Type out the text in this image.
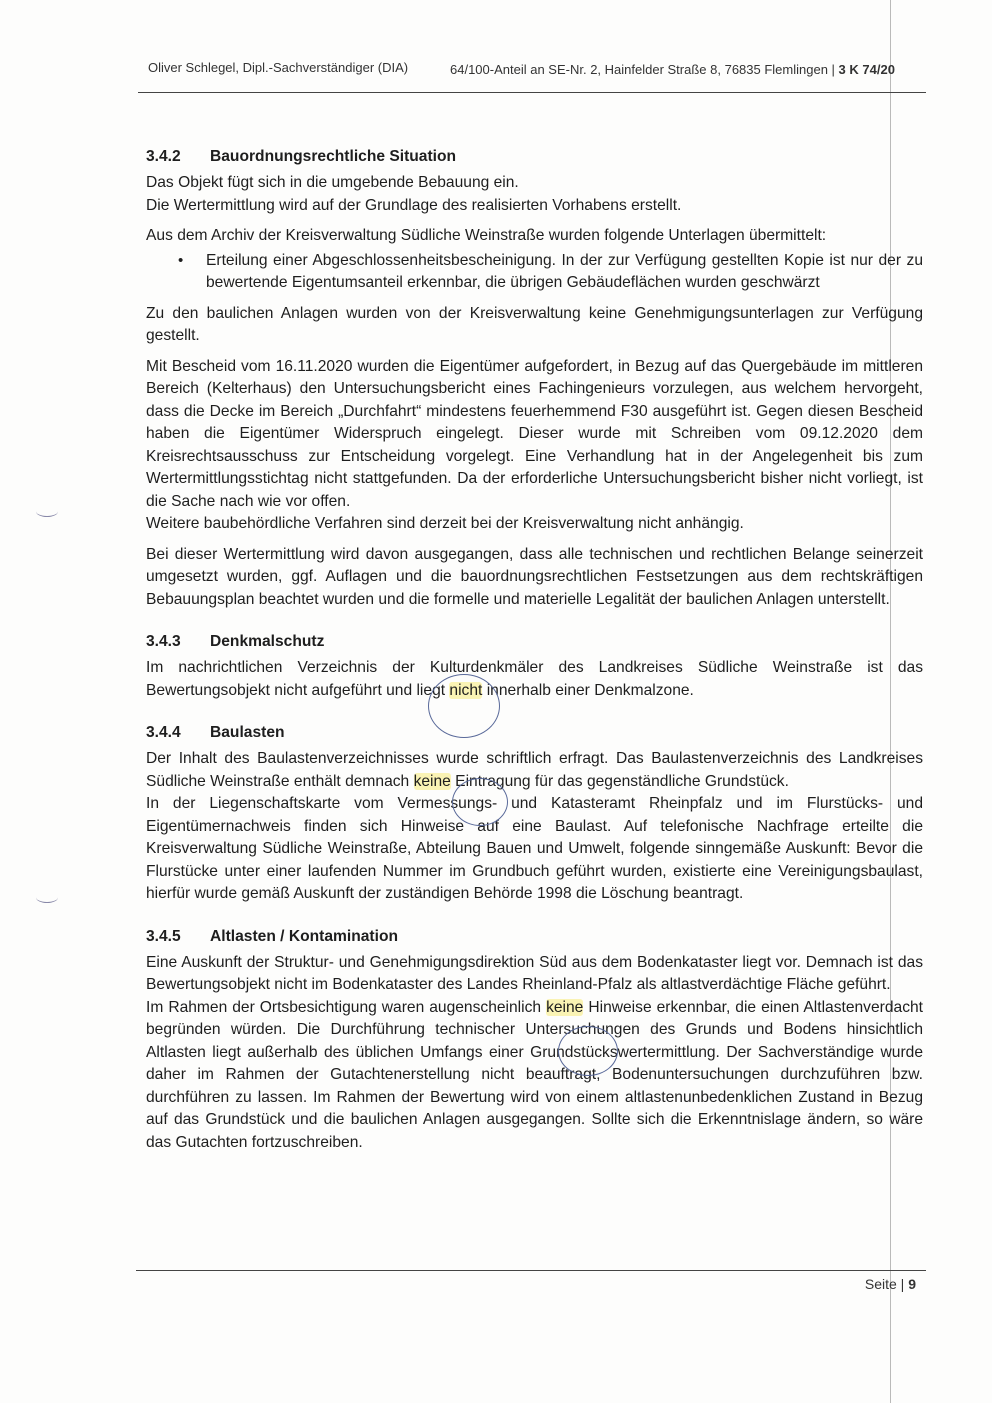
Oliver Schlegel, Dipl.-Sachverständiger (DIA)	64/100-Anteil an SE-Nr. 2, Hainfelder Straße 8, 76835 Flemlingen | 3 K 74/20
3.4.2 Bauordnungsrechtliche Situation

Das Objekt fügt sich in die umgebende Bebauung ein.

Die Wertermittlung wird auf der Grundlage des realisierten Vorhabens erstellt.

Aus dem Archiv der Kreisverwaltung Südliche Weinstraße wurden folgende Unterlagen übermittelt:

• Erteilung einer Abgeschlossenheitsbescheinigung. In der zur Verfügung gestellten Kopie ist nur der zu bewertende Eigentumsanteil erkennbar, die übrigen Gebäudeflächen wurden geschwärzt

Zu den baulichen Anlagen wurden von der Kreisverwaltung keine Genehmigungsunterlagen zur Verfügung gestellt.

Mit Bescheid vom 16.11.2020 wurden die Eigentümer aufgefordert, in Bezug auf das Quergebäude im mittleren Bereich (Kelterhaus) den Untersuchungsbericht eines Fachingenieurs vorzulegen, aus welchem hervorgeht, dass die Decke im Bereich „Durchfahrt“ mindestens feuerhemmend F30 ausgeführt ist. Gegen diesen Bescheid haben die Eigentümer Widerspruch eingelegt. Dieser wurde mit Schreiben vom 09.12.2020 dem Kreisrechtsausschuss zur Entscheidung vorgelegt. Eine Verhandlung hat in der Angelegenheit bis zum Wertermittlungsstichtag nicht stattgefunden. Da der erforderliche Untersuchungsbericht bisher nicht vorliegt, ist die Sache nach wie vor offen.

Weitere baubehördliche Verfahren sind derzeit bei der Kreisverwaltung nicht anhängig.

Bei dieser Wertermittlung wird davon ausgegangen, dass alle technischen und rechtlichen Belange seinerzeit umgesetzt wurden, ggf. Auflagen und die bauordnungsrechtlichen Festsetzungen aus dem rechtskräftigen Bebauungsplan beachtet wurden und die formelle und materielle Legalität der baulichen Anlagen unterstellt.

3.4.3 Denkmalschutz

Im nachrichtlichen Verzeichnis der Kulturdenkmäler des Landkreises Südliche Weinstraße ist das Bewertungsobjekt nicht aufgeführt und liegt nicht innerhalb einer Denkmalzone.

3.4.4 Baulasten

Der Inhalt des Baulastenverzeichnisses wurde schriftlich erfragt. Das Baulastenverzeichnis des Landkreises Südliche Weinstraße enthält demnach keine Eintragung für das gegenständliche Grundstück.

In der Liegenschaftskarte vom Vermessungs- und Katasteramt Rheinpfalz und im Flurstücks- und Eigentümernachweis finden sich Hinweise auf eine Baulast. Auf telefonische Nachfrage erteilte die Kreisverwaltung Südliche Weinstraße, Abteilung Bauen und Umwelt, folgende sinngemäße Auskunft: Bevor die Flurstücke unter einer laufenden Nummer im Grundbuch geführt wurden, existierte eine Vereinigungsbaulast, hierfür wurde gemäß Auskunft der zuständigen Behörde 1998 die Löschung beantragt.

3.4.5 Altlasten / Kontamination

Eine Auskunft der Struktur- und Genehmigungsdirektion Süd aus dem Bodenkataster liegt vor. Demnach ist das Bewertungsobjekt nicht im Bodenkataster des Landes Rheinland-Pfalz als altlastverdächtige Fläche geführt.

Im Rahmen der Ortsbesichtigung waren augenscheinlich keine Hinweise erkennbar, die einen Altlastenverdacht begründen würden. Die Durchführung technischer Untersuchungen des Grunds und Bodens hinsichtlich Altlasten liegt außerhalb des üblichen Umfangs einer Grundstückswertermittlung. Der Sachverständige wurde daher im Rahmen der Gutachtenerstellung nicht beauftragt, Bodenuntersuchungen durchzuführen bzw. durchführen zu lassen. Im Rahmen der Bewertung wird von einem altlastenunbedenklichen Zustand in Bezug auf das Grundstück und die baulichen Anlagen ausgegangen. Sollte sich die Erkenntnislage ändern, so wäre das Gutachten fortzuschreiben.

Seite | 9
